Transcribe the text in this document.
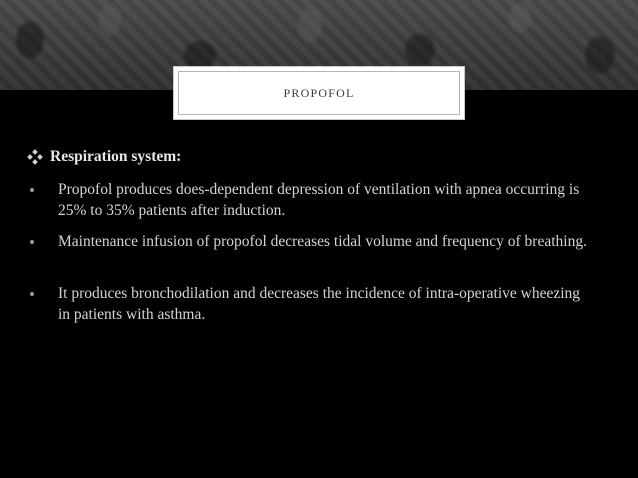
PROPOFOL
Respiration system:
Propofol produces does-dependent depression of ventilation with apnea occurring is 25% to 35% patients after induction.
Maintenance infusion of propofol decreases tidal volume and frequency of breathing.
It produces bronchodilation and decreases the incidence of intra-operative wheezing in patients with asthma.
